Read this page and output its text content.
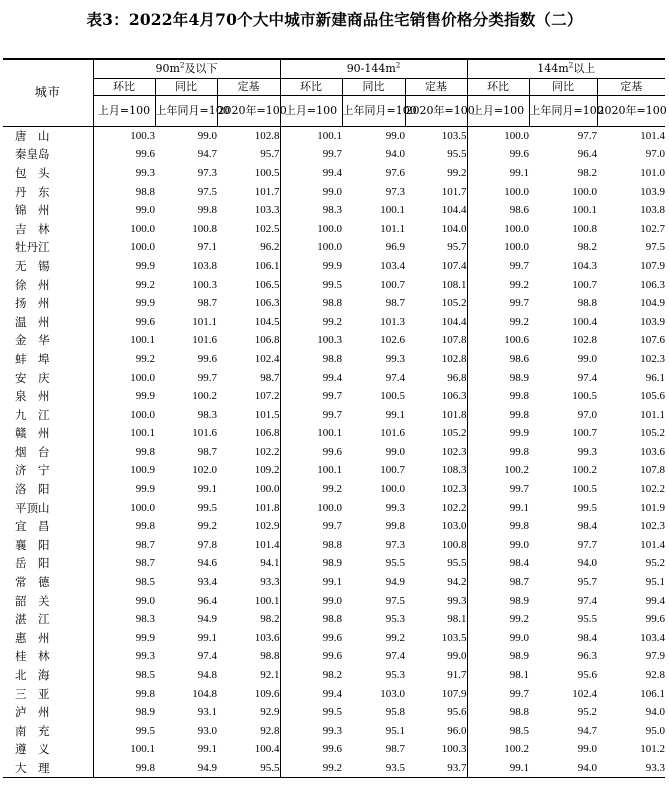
表3：2022年4月70个大中城市新建商品住宅销售价格分类指数（二）
城市	$90m^2$及以下			$90-144m^2$			$144m^2$以上		
	环比	同比	定基	环比	同比	定基	环比	同比	定基
	上月=100	上年同月=100	2020年=100	上月=100	上年同月=100	2020年=100	上月=100	上年同月=100	2020年=100
唐　山	100.3	99.0	102.8	100.1	99.0	103.5	100.0	97.7	101.4
秦皇岛	99.6	94.7	95.7	99.7	94.0	95.5	99.6	96.4	97.0
包　头	99.3	97.3	100.5	99.4	97.6	99.2	99.1	98.2	101.0
丹　东	98.8	97.5	101.7	99.0	97.3	101.7	100.0	100.0	103.9
锦　州	99.0	99.8	103.3	98.3	100.1	104.4	98.6	100.1	103.8
吉　林	100.0	100.8	102.5	100.0	101.1	104.0	100.0	100.8	102.7
牡丹江	100.0	97.1	96.2	100.0	96.9	95.7	100.0	98.2	97.5
无　锡	99.9	103.8	106.1	99.9	103.4	107.4	99.7	104.3	107.9
徐　州	99.2	100.3	106.5	99.5	100.7	108.1	99.2	100.7	106.3
扬　州	99.9	98.7	106.3	98.8	98.7	105.2	99.7	98.8	104.9
温　州	99.6	101.1	104.5	99.2	101.3	104.4	99.2	100.4	103.9
金　华	100.1	101.6	106.8	100.3	102.6	107.8	100.6	102.8	107.6
蚌　埠	99.2	99.6	102.4	98.8	99.3	102.8	98.6	99.0	102.3
安　庆	100.0	99.7	98.7	99.4	97.4	96.8	98.9	97.4	96.1
泉　州	99.9	100.2	107.2	99.7	100.5	106.3	99.8	100.5	105.6
九　江	100.0	98.3	101.5	99.7	99.1	101.8	99.8	97.0	101.1
赣　州	100.1	101.6	106.8	100.1	101.6	105.2	99.9	100.7	105.2
烟　台	99.8	98.7	102.2	99.6	99.0	102.3	99.8	99.3	103.6
济　宁	100.9	102.0	109.2	100.1	100.7	108.3	100.2	100.2	107.8
洛　阳	99.9	99.1	100.0	99.2	100.0	102.3	99.7	100.5	102.2
平顶山	100.0	99.5	101.8	100.0	99.3	102.2	99.1	99.5	101.9
宜　昌	99.8	99.2	102.9	99.7	99.8	103.0	99.8	98.4	102.3
襄　阳	98.7	97.8	101.4	98.8	97.3	100.8	99.0	97.7	101.4
岳　阳	98.7	94.6	94.1	98.9	95.5	95.5	98.4	94.0	95.2
常　德	98.5	93.4	93.3	99.1	94.9	94.2	98.7	95.7	95.1
韶　关	99.0	96.4	100.1	99.0	97.5	99.3	98.9	97.4	99.4
湛　江	98.3	94.9	98.2	98.8	95.3	98.1	99.2	95.5	99.6
惠　州	99.9	99.1	103.6	99.6	99.2	103.5	99.0	98.4	103.4
桂　林	99.3	97.4	98.8	99.6	97.4	99.0	98.9	96.3	97.9
北　海	98.5	94.8	92.1	98.2	95.3	91.7	98.1	95.6	92.8
三　亚	99.8	104.8	109.6	99.4	103.0	107.9	99.7	102.4	106.1
泸　州	98.9	93.1	92.9	99.5	95.8	95.6	98.8	95.2	94.0
南　充	99.5	93.0	92.8	99.3	95.1	96.0	98.5	94.7	95.0
遵　义	100.1	99.1	100.4	99.6	98.7	100.3	100.2	99.0	101.2
大　理	99.8	94.9	95.5	99.2	93.5	93.7	99.1	94.0	93.3
